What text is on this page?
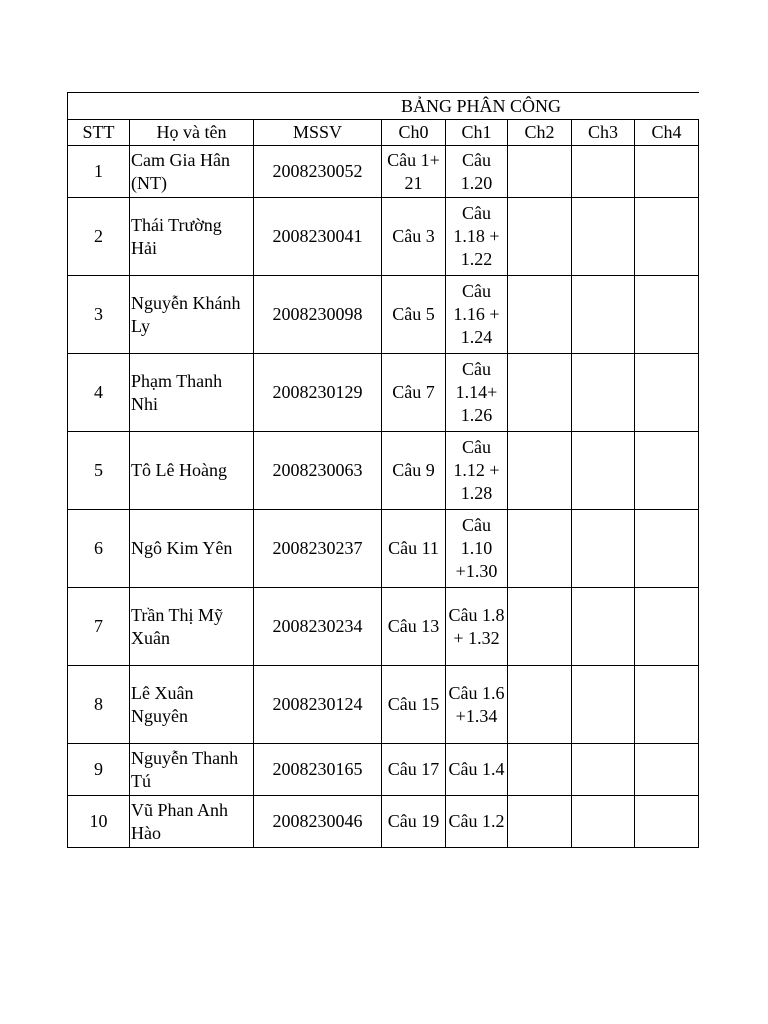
BẢNG PHÂN CÔNG							

STT	Họ và tên	MSSV	Ch0	Ch1	Ch2	Ch3	Ch4
1	Cam Gia Hân (NT)	2008230052	Câu 1+ 21	Câu 1.20			
2	Thái Trường Hải	2008230041	Câu 3	Câu 1.18 + 1.22			
3	Nguyễn Khánh Ly	2008230098	Câu 5	Câu 1.16 + 1.24			
4	Phạm Thanh Nhi	2008230129	Câu 7	Câu 1.14+ 1.26			
5	Tô Lê Hoàng	2008230063	Câu 9	Câu 1.12 + 1.28			
6	Ngô Kim Yên	2008230237	Câu 11	Câu 1.10 +1.30			
7	Trần Thị Mỹ Xuân	2008230234	Câu 13	Câu 1.8 + 1.32			
8	Lê Xuân Nguyên	2008230124	Câu 15	Câu 1.6 +1.34			
9	Nguyễn Thanh Tú	2008230165	Câu 17	Câu 1.4			
10	Vũ Phan Anh Hào	2008230046	Câu 19	Câu 1.2			
